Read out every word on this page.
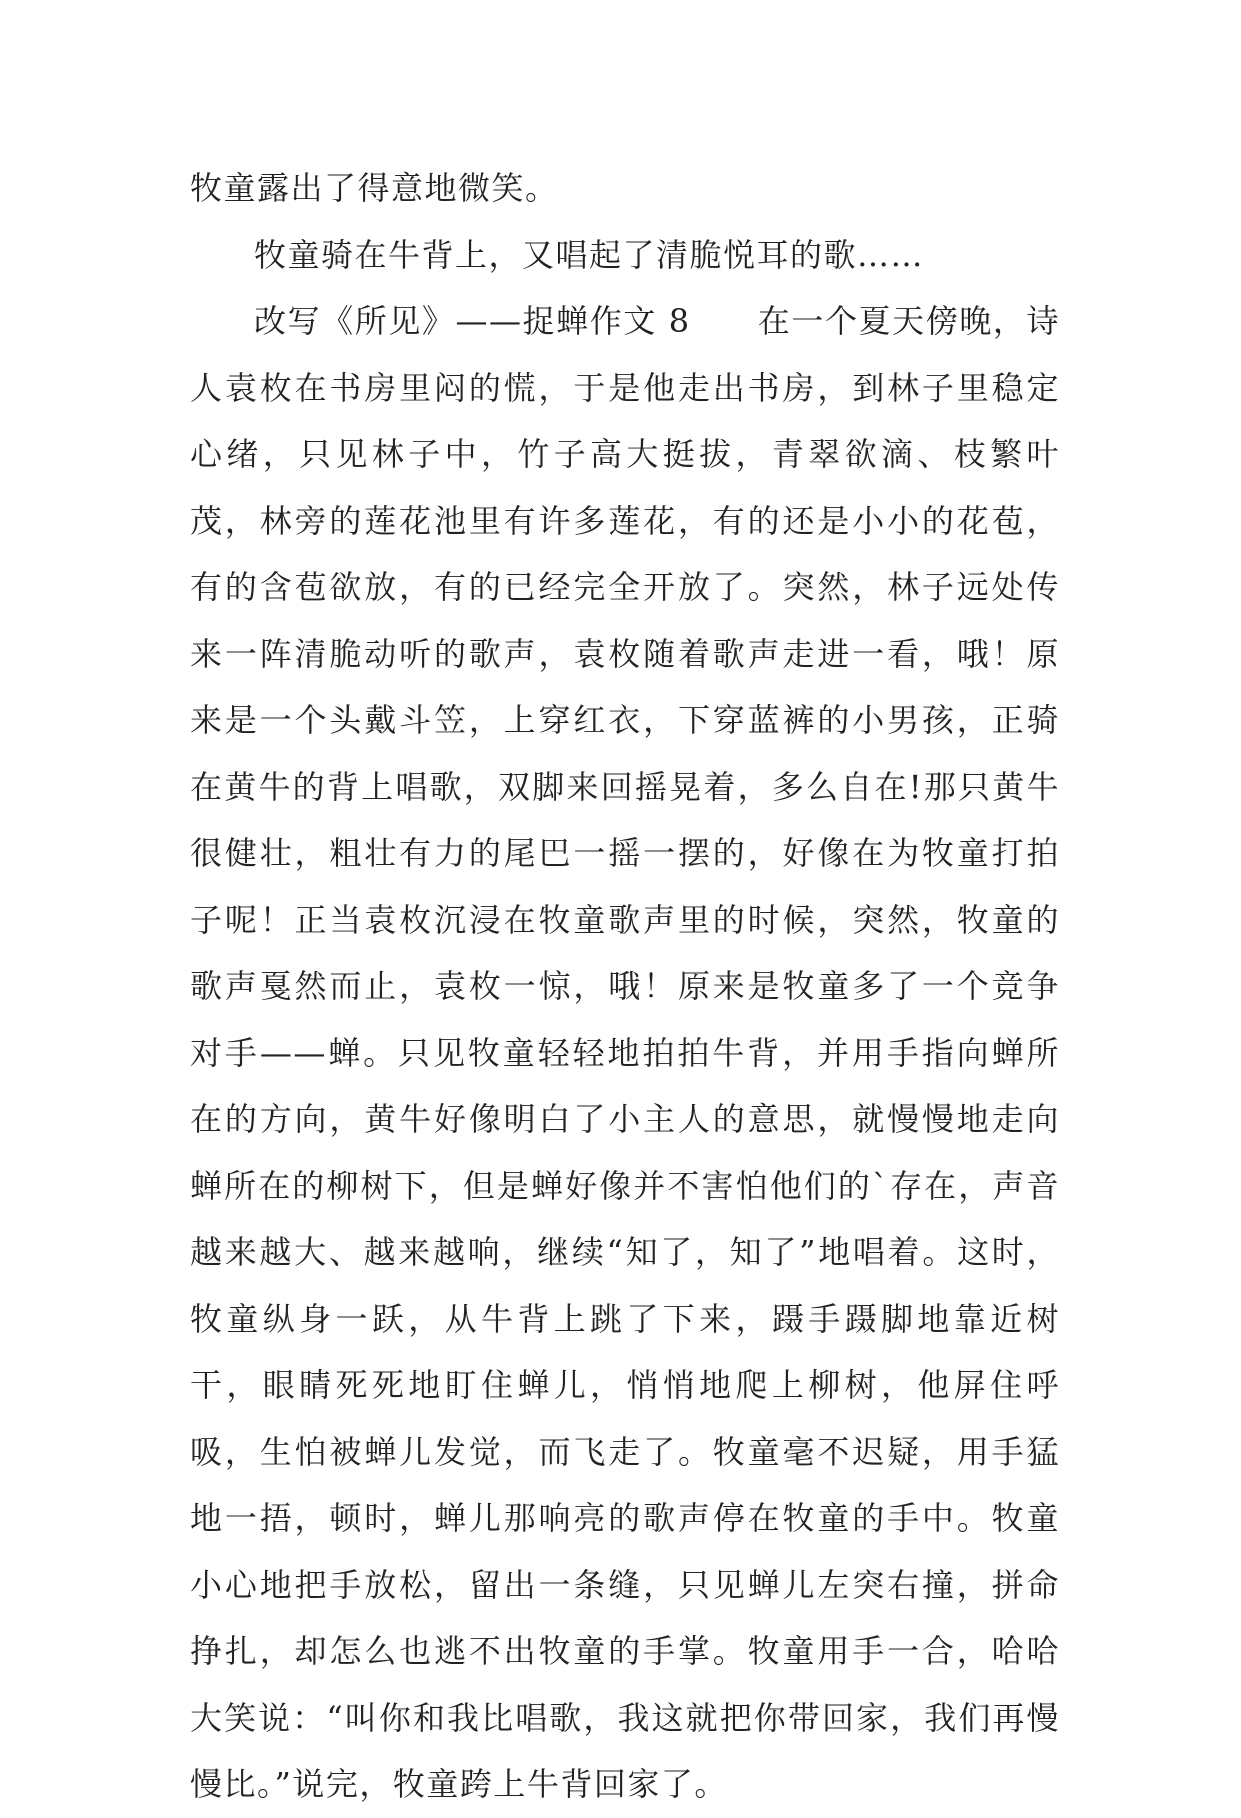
牧童露出了得意地微笑。

牧童骑在牛背上，又唱起了清脆悦耳的歌……

改写《所见》——捉蝉作文 8　　在一个夏天傍晚，诗人袁枚在书房里闷的慌，于是他走出书房，到林子里稳定心绪，只见林子中，竹子高大挺拔，青翠欲滴、枝繁叶茂，林旁的莲花池里有许多莲花，有的还是小小的花苞，有的含苞欲放，有的已经完全开放了。突然，林子远处传来一阵清脆动听的歌声，袁枚随着歌声走进一看，哦！原来是一个头戴斗笠，上穿红衣，下穿蓝裤的小男孩，正骑在黄牛的背上唱歌，双脚来回摇晃着，多么自在!那只黄牛很健壮，粗壮有力的尾巴一摇一摆的，好像在为牧童打拍子呢！正当袁枚沉浸在牧童歌声里的时候，突然，牧童的歌声戛然而止，袁枚一惊，哦！原来是牧童多了一个竞争对手——蝉。只见牧童轻轻地拍拍牛背，并用手指向蝉所在的方向，黄牛好像明白了小主人的意思，就慢慢地走向蝉所在的柳树下，但是蝉好像并不害怕他们的`存在，声音越来越大、越来越响，继续“知了，知了”地唱着。这时，牧童纵身一跃，从牛背上跳了下来，蹑手蹑脚地靠近树干，眼睛死死地盯住蝉儿，悄悄地爬上柳树，他屏住呼吸，生怕被蝉儿发觉，而飞走了。牧童毫不迟疑，用手猛地一捂，顿时，蝉儿那响亮的歌声停在牧童的手中。牧童小心地把手放松，留出一条缝，只见蝉儿左突右撞，拼命挣扎，却怎么也逃不出牧童的手掌。牧童用手一合，哈哈大笑说：“叫你和我比唱歌，我这就把你带回家，我们再慢慢比。”说完，牧童跨上牛背回家了。
